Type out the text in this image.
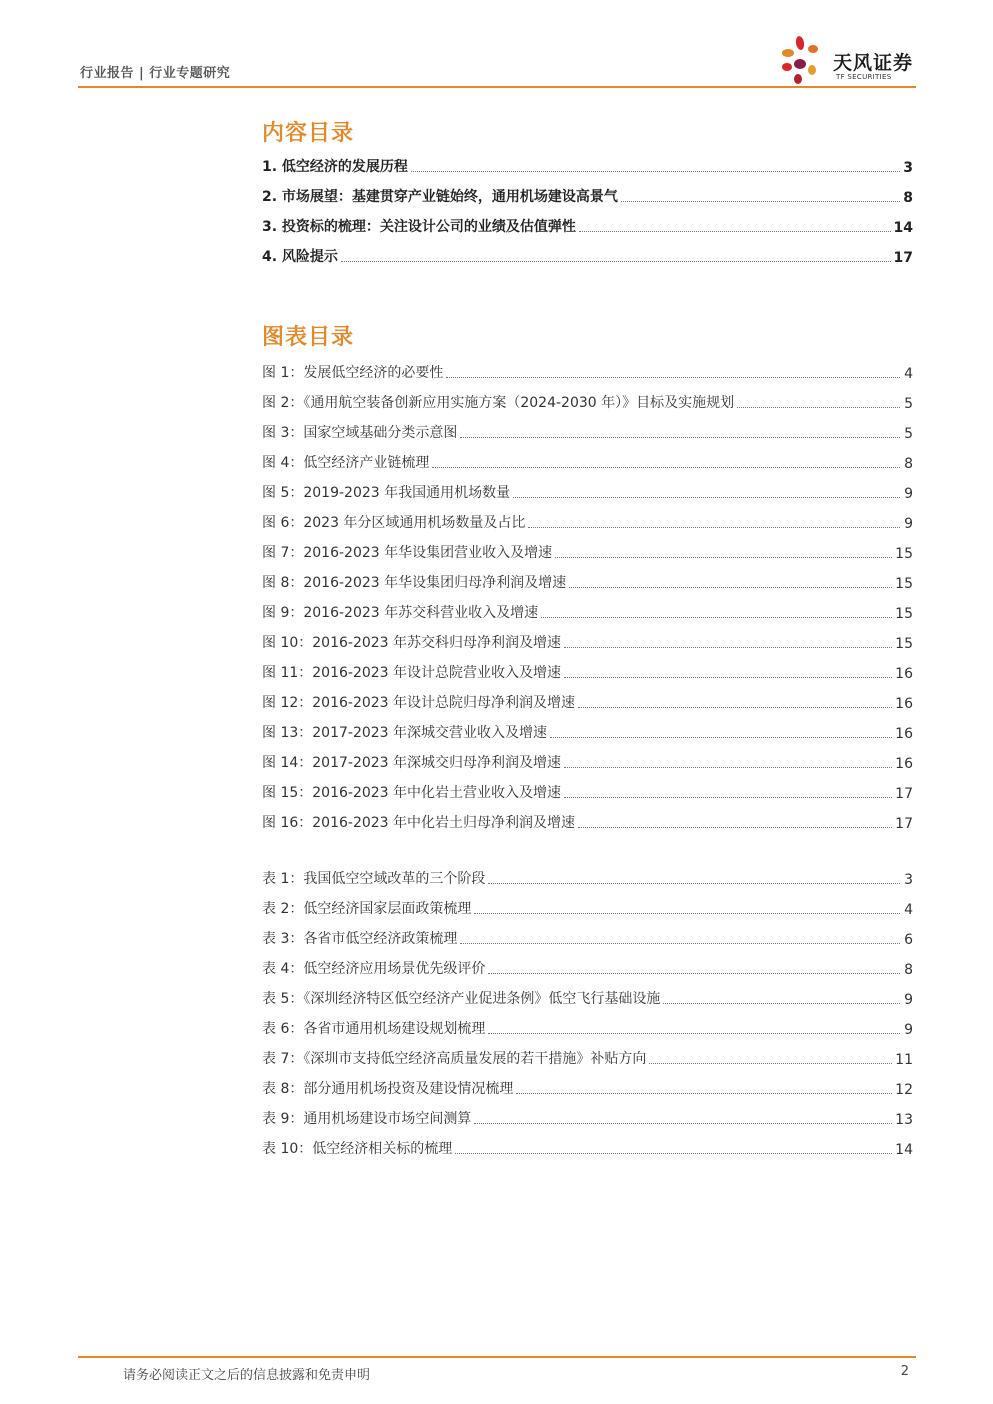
行业报告 | 行业专题研究	天风证券
TF SECURITIES
内容目录
1. 低空经济的发展历程	3
2. 市场展望：基建贯穿产业链始终，通用机场建设高景气	8
3. 投资标的梳理：关注设计公司的业绩及估值弹性	14
4. 风险提示	17
图表目录
图 1：发展低空经济的必要性	4
图 2：《通用航空装备创新应用实施方案（2024-2030 年）》目标及实施规划	5
图 3：国家空域基础分类示意图	5
图 4：低空经济产业链梳理	8
图 5：2019-2023 年我国通用机场数量	9
图 6：2023 年分区域通用机场数量及占比	9
图 7：2016-2023 年华设集团营业收入及增速	15
图 8：2016-2023 年华设集团归母净利润及增速	15
图 9：2016-2023 年苏交科营业收入及增速	15
图 10：2016-2023 年苏交科归母净利润及增速	15
图 11：2016-2023 年设计总院营业收入及增速	16
图 12：2016-2023 年设计总院归母净利润及增速	16
图 13：2017-2023 年深城交营业收入及增速	16
图 14：2017-2023 年深城交归母净利润及增速	16
图 15：2016-2023 年中化岩土营业收入及增速	17
图 16：2016-2023 年中化岩土归母净利润及增速	17
表 1：我国低空空域改革的三个阶段	3
表 2：低空经济国家层面政策梳理	4
表 3：各省市低空经济政策梳理	6
表 4：低空经济应用场景优先级评价	8
表 5：《深圳经济特区低空经济产业促进条例》低空飞行基础设施	9
表 6：各省市通用机场建设规划梳理	9
表 7：《深圳市支持低空经济高质量发展的若干措施》补贴方向	11
表 8：部分通用机场投资及建设情况梳理	12
表 9：通用机场建设市场空间测算	13
表 10：低空经济相关标的梳理	14
请务必阅读正文之后的信息披露和免责申明	2
